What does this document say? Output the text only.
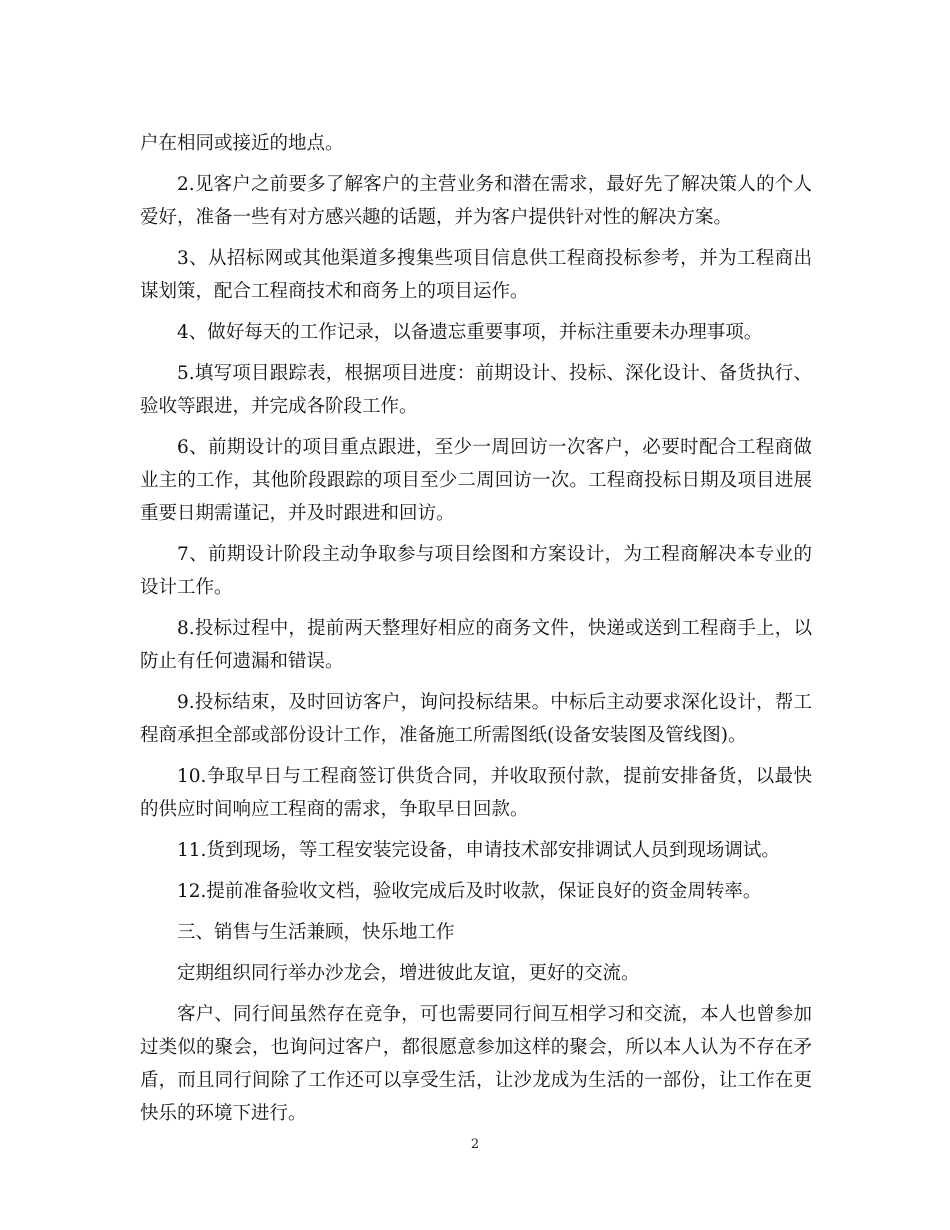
户在相同或接近的地点。

2.见客户之前要多了解客户的主营业务和潜在需求，最好先了解决策人的个人爱好，准备一些有对方感兴趣的话题，并为客户提供针对性的解决方案。

3、从招标网或其他渠道多搜集些项目信息供工程商投标参考，并为工程商出谋划策，配合工程商技术和商务上的项目运作。

4、做好每天的工作记录，以备遗忘重要事项，并标注重要未办理事项。

5.填写项目跟踪表，根据项目进度：前期设计、投标、深化设计、备货执行、验收等跟进，并完成各阶段工作。

6、前期设计的项目重点跟进，至少一周回访一次客户，必要时配合工程商做业主的工作，其他阶段跟踪的项目至少二周回访一次。工程商投标日期及项目进展重要日期需谨记，并及时跟进和回访。

7、前期设计阶段主动争取参与项目绘图和方案设计，为工程商解决本专业的设计工作。

8.投标过程中，提前两天整理好相应的商务文件，快递或送到工程商手上，以防止有任何遗漏和错误。

9.投标结束，及时回访客户，询问投标结果。中标后主动要求深化设计，帮工程商承担全部或部份设计工作，准备施工所需图纸(设备安装图及管线图)。

10.争取早日与工程商签订供货合同，并收取预付款，提前安排备货，以最快的供应时间响应工程商的需求，争取早日回款。

11.货到现场，等工程安装完设备，申请技术部安排调试人员到现场调试。

12.提前准备验收文档，验收完成后及时收款，保证良好的资金周转率。

三、销售与生活兼顾，快乐地工作

定期组织同行举办沙龙会，增进彼此友谊，更好的交流。

客户、同行间虽然存在竞争，可也需要同行间互相学习和交流，本人也曾参加过类似的聚会，也询问过客户，都很愿意参加这样的聚会，所以本人认为不存在矛盾，而且同行间除了工作还可以享受生活，让沙龙成为生活的一部份，让工作在更快乐的环境下进行。

2
